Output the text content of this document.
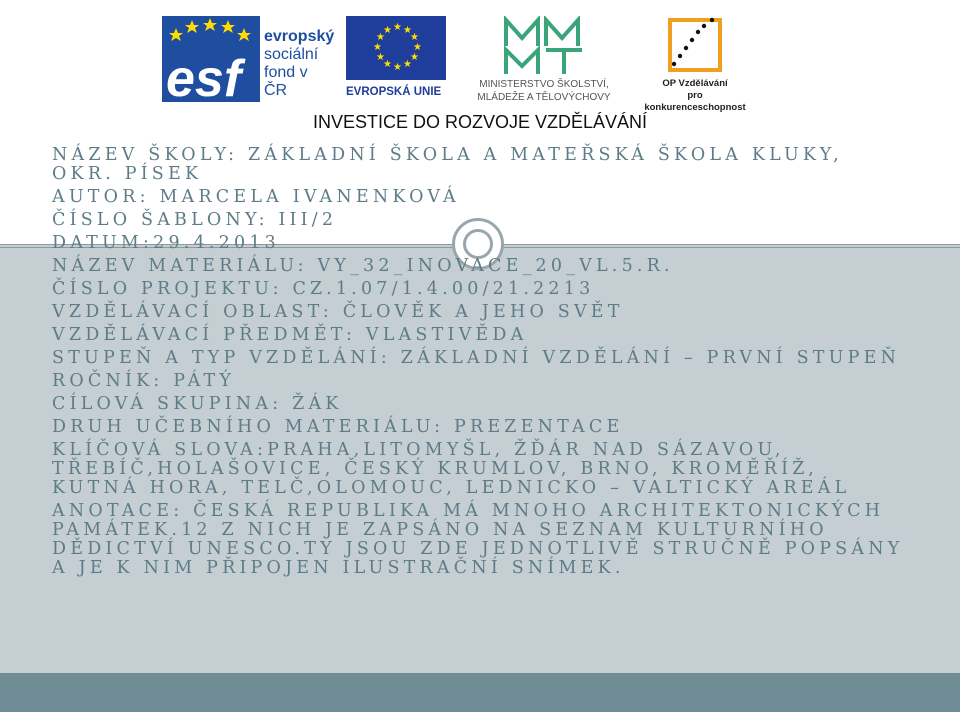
esf
evropský
sociální
fond v ČR
★ ★
★
★
★
★
★
★
★
★
★
★
EVROPSKÁ UNIE
MINISTERSTVO ŠKOLSTVÍ,
MLÁDEŽE A TĚLOVÝCHOVY
OP Vzdělávání
pro konkurenceschopnost
INVESTICE DO ROZVOJE VZDĚLÁVÁNÍ

NÁZEV ŠKOLY: ZÁKLADNÍ ŠKOLA A MATEŘSKÁ ŠKOLA KLUKY, OKR. PÍSEK

AUTOR: MARCELA IVANENKOVÁ

ČÍSLO ŠABLONY: III/2

DATUM:29.4.2013

NÁZEV MATERIÁLU: VY_32_INOVACE_20_VL.5.R.

ČÍSLO PROJEKTU: CZ.1.07/1.4.00/21.2213

VZDĚLÁVACÍ OBLAST: ČLOVĚK A JEHO SVĚT

VZDĚLÁVACÍ PŘEDMĚT: VLASTIVĚDA

STUPEŇ A TYP VZDĚLÁNÍ: ZÁKLADNÍ VZDĚLÁNÍ – PRVNÍ STUPEŇ

ROČNÍK: PÁTÝ

CÍLOVÁ SKUPINA: ŽÁK

DRUH UČEBNÍHO MATERIÁLU: PREZENTACE

KLÍČOVÁ SLOVA:PRAHA,LITOMYŠL, ŽĎÁR NAD SÁZAVOU, TŘEBÍČ,HOLAŠOVICE, ČESKÝ KRUMLOV, BRNO, KROMĚŘÍŽ, KUTNÁ HORA, TELČ,OLOMOUC, LEDNICKO – VALTICKÝ AREÁL

ANOTACE: ČESKÁ REPUBLIKA MÁ MNOHO ARCHITEKTONICKÝCH PAMÁTEK.12 Z NICH JE ZAPSÁNO NA SEZNAM KULTURNÍHO DĚDICTVÍ UNESCO.TY JSOU ZDE JEDNOTLIVĚ STRUČNĚ POPSÁNY A JE K NIM PŘIPOJEN ILUSTRAČNÍ SNÍMEK.
